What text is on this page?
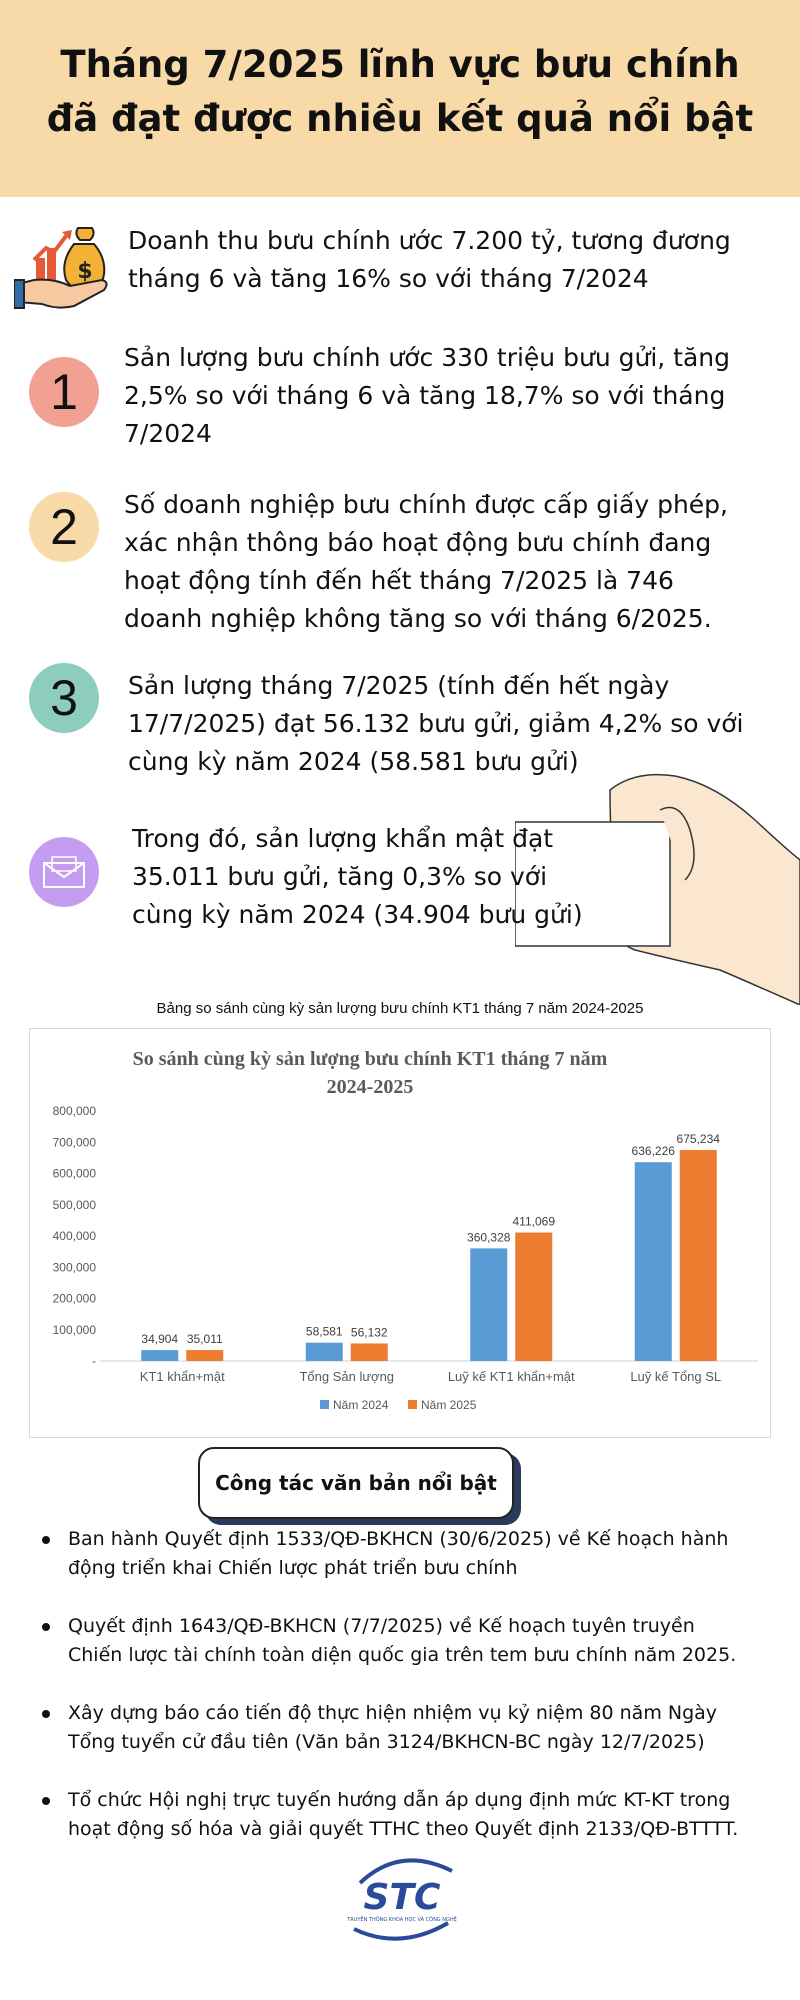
Tháng 7/2025 lĩnh vực bưu chính
đã đạt được nhiều kết quả nổi bật
$
Doanh thu bưu chính ước 7.200 tỷ, tương đương
tháng 6 và tăng 16% so với tháng 7/2024
1
Sản lượng bưu chính ước 330 triệu bưu gửi, tăng
2,5% so với tháng 6 và tăng 18,7% so với tháng
7/2024
2	Số doanh nghiệp bưu chính được cấp giấy phép,
xác nhận thông báo hoạt động bưu chính đang
hoạt động tính đến hết tháng 7/2025 là 746
doanh nghiệp không tăng so với tháng 6/2025.
3	Sản lượng tháng 7/2025 (tính đến hết ngày
17/7/2025) đạt 56.132 bưu gửi, giảm 4,2% so với
cùng kỳ năm 2024 (58.581 bưu gửi)
Trong đó, sản lượng khẩn mật đạt
35.011 bưu gửi, tăng 0,3% so với
cùng kỳ năm 2024 (34.904 bưu gửi)
Bảng so sánh cùng kỳ sản lượng bưu chính KT1 tháng 7 năm 2024-2025
So sánh cùng kỳ sản lượng bưu chính KT1 tháng 7 năm
2024-2025
-
100,000
200,000
300,000
400,000
500,000
600,000
700,000
800,000
34,904 35,011
KT1 khẩn+mật
58,581 56,132
Tổng Sản lượng
360,328
411,069
Luỹ kế KT1 khẩn+mật
636,226
675,234
Luỹ kế Tổng SL
Năm 2024	Năm 2025
Công tác văn bản nổi bật
Ban hành Quyết định 1533/QĐ-BKHCN (30/6/2025) về Kế hoạch hành
động triển khai Chiến lược phát triển bưu chính
Quyết định 1643/QĐ-BKHCN (7/7/2025) về Kế hoạch tuyên truyền
Chiến lược tài chính toàn diện quốc gia trên tem bưu chính năm 2025.
Xây dựng báo cáo tiến độ thực hiện nhiệm vụ kỷ niệm 80 năm Ngày
Tổng tuyển cử đầu tiên (Văn bản 3124/BKHCN-BC ngày 12/7/2025)
Tổ chức Hội nghị trực tuyến hướng dẫn áp dụng định mức KT-KT trong
hoạt động số hóa và giải quyết TTHC theo Quyết định 2133/QĐ-BTTTT.
STC
TRUYỀN THÔNG KHOA HỌC VÀ CÔNG NGHỆ
